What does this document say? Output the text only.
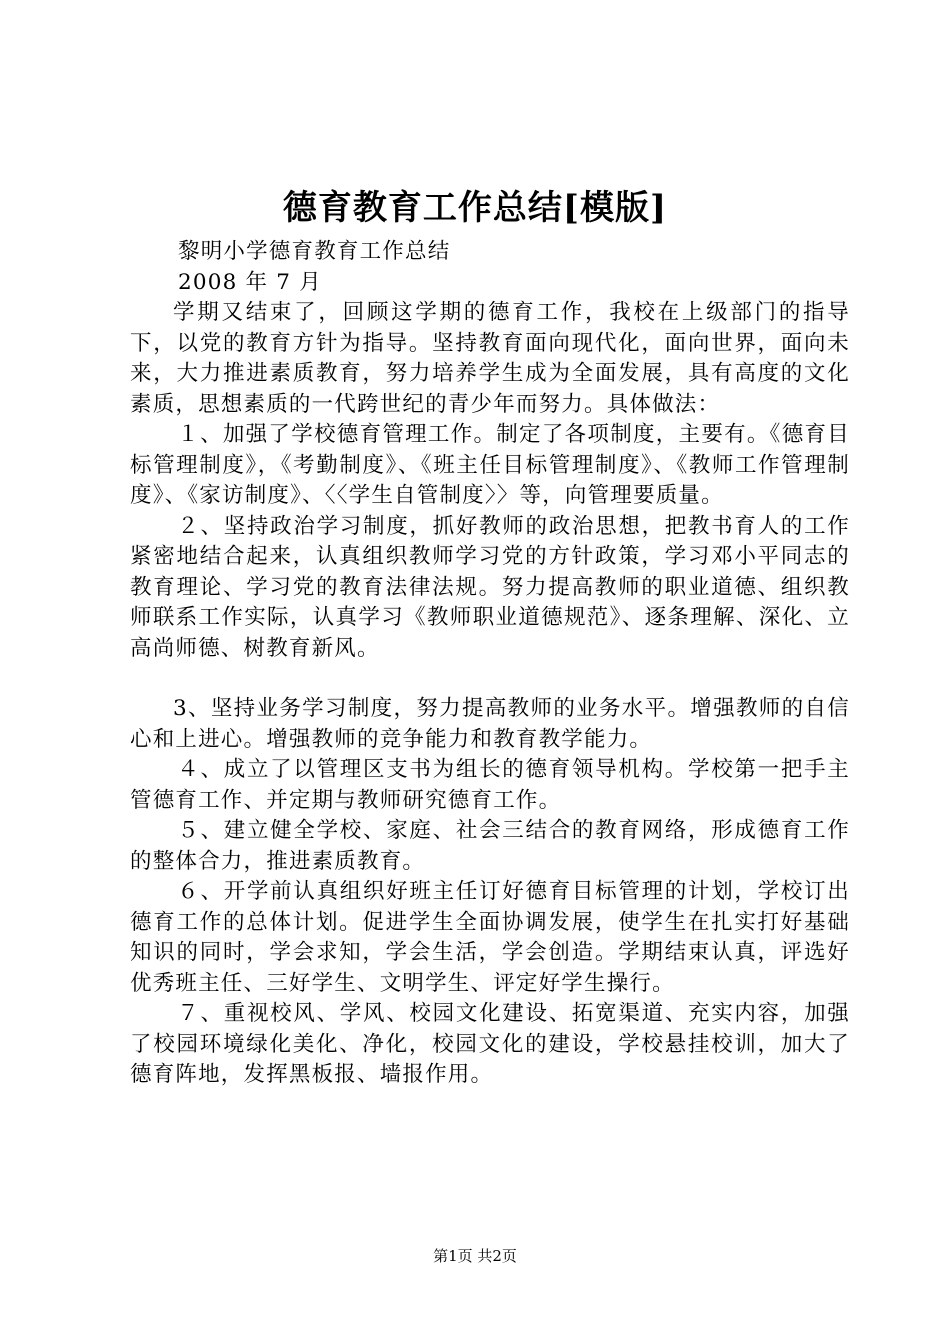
德育教育工作总结[模版]

黎明小学德育教育工作总结

2008 年 7 月

学期又结束了，回顾这学期的德育工作，我校在上级部门的指导下，以党的教育方针为指导。坚持教育面向现代化，面向世界，面向未来，大力推进素质教育，努力培养学生成为全面发展，具有高度的文化素质，思想素质的一代跨世纪的青少年而努力。具体做法：

１、加强了学校德育管理工作。制定了各项制度，主要有。《德育目标管理制度》，《考勤制度》、《班主任目标管理制度》、《教师工作管理制度》、《家访制度》、〈〈学生自管制度〉〉等，向管理要质量。

２、坚持政治学习制度，抓好教师的政治思想，把教书育人的工作紧密地结合起来，认真组织教师学习党的方针政策，学习邓小平同志的教育理论、学习党的教育法律法规。努力提高教师的职业道德、组织教师联系工作实际，认真学习《教师职业道德规范》、逐条理解、深化、立高尚师德、树教育新风。

3、坚持业务学习制度，努力提高教师的业务水平。增强教师的自信心和上进心。增强教师的竞争能力和教育教学能力。

４、成立了以管理区支书为组长的德育领导机构。学校第一把手主管德育工作、并定期与教师研究德育工作。

５、建立健全学校、家庭、社会三结合的教育网络，形成德育工作的整体合力，推进素质教育。

６、开学前认真组织好班主任订好德育目标管理的计划，学校订出德育工作的总体计划。促进学生全面协调发展，使学生在扎实打好基础知识的同时，学会求知，学会生活，学会创造。学期结束认真，评选好优秀班主任、三好学生、文明学生、评定好学生操行。

７、重视校风、学风、校园文化建设、拓宽渠道、充实内容，加强了校园环境绿化美化、净化，校园文化的建设，学校悬挂校训，加大了德育阵地，发挥黑板报、墙报作用。

第1页 共2页
